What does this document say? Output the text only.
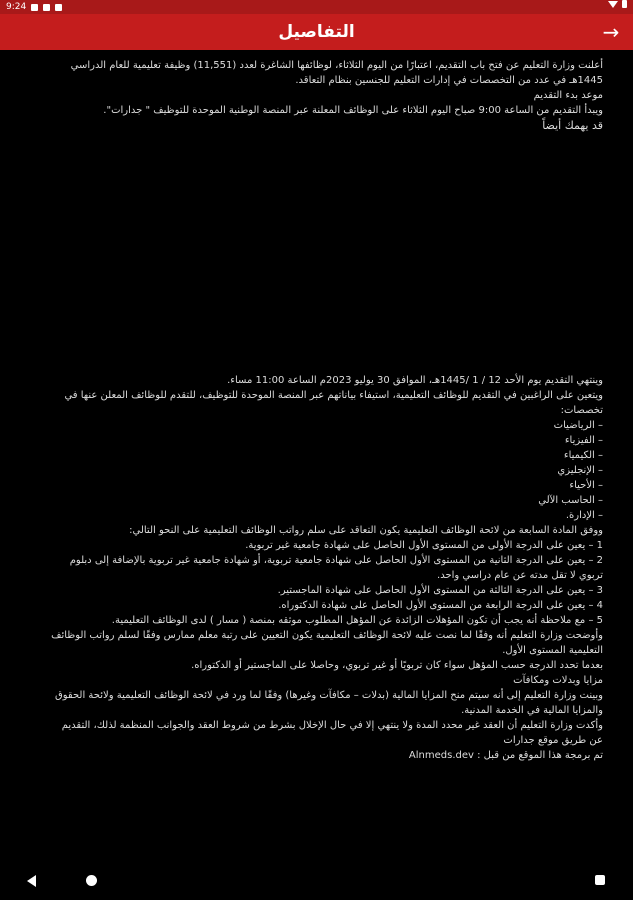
9:24
التفاصيل	→

أعلنت وزارة التعليم عن فتح باب التقديم، اعتبارًا من اليوم الثلاثاء، لوظائفها الشاغرة لعدد (11,551) وظيفة تعليمية للعام الدراسي 1445هـ في عدد من التخصصات في إدارات التعليم للجنسين بنظام التعاقد.

موعد بدء التقديم

ويبدأ التقديم من الساعة 9:00 صباح اليوم الثلاثاء على الوظائف المعلنة عبر المنصة الوطنية الموحدة للتوظيف " جدارات".

قد يهمك أيضاً

وينتهي التقديم يوم الأحد 12 / 1 /1445هـ، الموافق 30 يوليو 2023م الساعة 11:00 مساء.

ويتعين على الراغبين في التقديم للوظائف التعليمية، استيفاء بياناتهم عبر المنصة الموحدة للتوظيف، للتقدم للوظائف المعلن عنها في تخصصات:

– الرياضيات

– الفيزياء

– الكيمياء

– الإنجليزي

– الأحياء

– الحاسب الآلي

– الإدارة.

ووفق المادة السابعة من لائحة الوظائف التعليمية يكون التعاقد على سلم رواتب الوظائف التعليمية على النحو التالي:

1 – يعين على الدرجة الأولى من المستوى الأول الحاصل على شهادة جامعية غير تربوية.

2 – يعين على الدرجة الثانية من المستوى الأول الحاصل على شهادة جامعية تربوية، أو شهادة جامعية غير تربوية بالإضافة إلى دبلوم تربوي لا تقل مدته عن عام دراسي واحد.

3 – يعين على الدرجة الثالثة من المستوى الأول الحاصل على شهادة الماجستير.

4 – يعين على الدرجة الرابعة من المستوى الأول الحاصل على شهادة الدكتوراه.

5 – مع ملاحظة أنه يجب أن تكون المؤهلات الزائدة عن المؤهل المطلوب موثقه بمنصة ( مسار ) لدى الوظائف التعليمية.

وأوضحت وزارة التعليم أنه وفقًا لما نصت عليه لائحة الوظائف التعليمية يكون التعيين على رتبة معلم ممارس وفقًا لسلم رواتب الوظائف التعليمية المستوى الأول.

بعدما تحدد الدرجة حسب المؤهل سواء كان تربويًا أو غير تربوي، وحاصلا على الماجستير أو الدكتوراه.

مزايا وبدلات ومكافآت

وبينت وزارة التعليم إلى أنه سيتم منح المزايا المالية (بدلات – مكافآت وغيرها) وفقًا لما ورد في لائحة الوظائف التعليمية ولائحة الحقوق والمزايا المالية في الخدمة المدنية.

وأكدت وزارة التعليم أن العقد غير محدد المدة ولا ينتهي إلا في حال الإخلال بشرط من شروط العقد والجوانب المنظمة لذلك، التقديم عن طريق موقع جدارات

تم برمجة هذا الموقع من قبل : Alnmeds.dev
